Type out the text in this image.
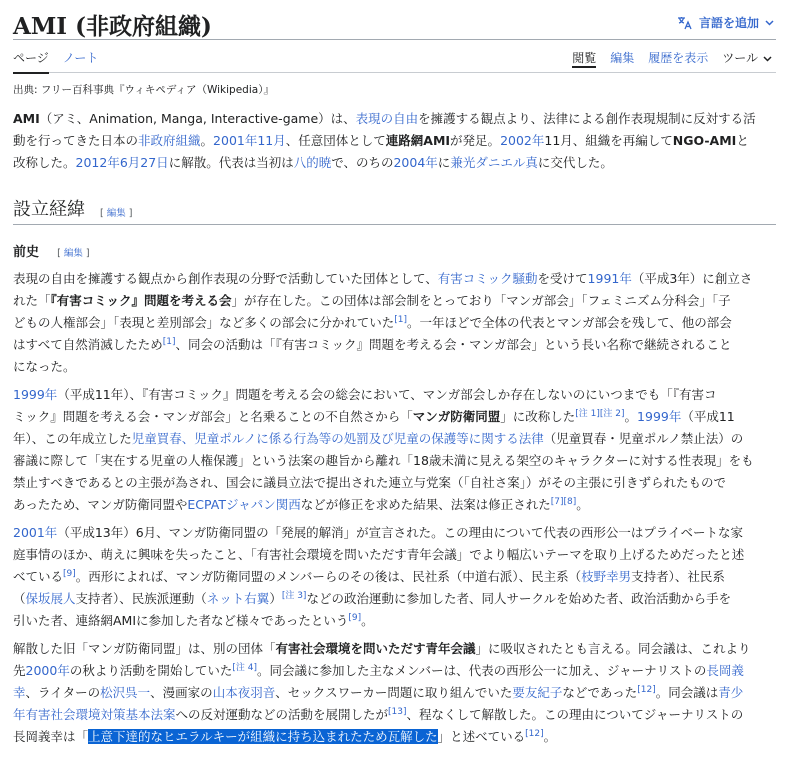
AMI (非政府組織)	言語を追加
ページ ノート	閲覧 編集 履歴を表示 ツール
出典: フリー百科事典『ウィキペディア（Wikipedia）』
AMI（アミ、Animation, Manga, Interactive-game）は、表現の自由を擁護する観点より、法律による創作表現規制に反対する活
動を行ってきた日本の非政府組織。2001年11月、任意団体として連路網AMIが発足。2002年11月、組織を再編してNGO-AMIと
改称した。2012年6月27日に解散。代表は当初は八的暁で、のちの2004年に兼光ダニエル真に交代した。
設立経緯 [ 編集 ]
前史 [ 編集 ]
表現の自由を擁護する観点から創作表現の分野で活動していた団体として、有害コミック騒動を受けて1991年（平成3年）に創立さ
れた「『有害コミック』問題を考える会」が存在した。この団体は部会制をとっており「マンガ部会」「フェミニズム分科会」「子
どもの人権部会」「表現と差別部会」など多くの部会に分かれていた[1]。一年ほどで全体の代表とマンガ部会を残して、他の部会
はすべて自然消滅したため[1]、同会の活動は「『有害コミック』問題を考える会・マンガ部会」という長い名称で継続されること
になった。
1999年（平成11年）、『有害コミック』問題を考える会の総会において、マンガ部会しか存在しないのにいつまでも「『有害コ
ミック』問題を考える会・マンガ部会」と名乗ることの不自然さから「マンガ防衛同盟」に改称した[注 1][注 2]。1999年（平成11
年）、この年成立した児童買春、児童ポルノに係る行為等の処罰及び児童の保護等に関する法律（児童買春・児童ポルノ禁止法）の
審議に際して「実在する児童の人権保護」という法案の趣旨から離れ「18歳未満に見える架空のキャラクターに対する性表現」をも
禁止すべきであるとの主張が為され、国会に議員立法で提出された連立与党案（「自社さ案」）がその主張に引きずられたもので
あったため、マンガ防衛同盟やECPATジャパン関西などが修正を求めた結果、法案は修正された[7][8]。
2001年（平成13年）6月、マンガ防衛同盟の「発展的解消」が宣言された。この理由について代表の西形公一はプライベートな家
庭事情のほか、萌えに興味を失ったこと、「有害社会環境を問いただす青年会議」でより幅広いテーマを取り上げるためだったと述
べている[9]。西形によれば、マンガ防衛同盟のメンバーらのその後は、民社系（中道右派）、民主系（枝野幸男支持者）、社民系
（保坂展人支持者）、民族派運動（ネット右翼）[注 3]などの政治運動に参加した者、同人サークルを始めた者、政治活動から手を
引いた者、連絡網AMIに参加した者など様々であったという[9]。
解散した旧「マンガ防衛同盟」は、別の団体「有害社会環境を問いただす青年会議」に吸収されたとも言える。同会議は、これより
先2000年の秋より活動を開始していた[注 4]。同会議に参加した主なメンバーは、代表の西形公一に加え、ジャーナリストの長岡義
幸、ライターの松沢呉一、漫画家の山本夜羽音、セックスワーカー問題に取り組んでいた要友紀子などであった[12]。同会議は青少
年有害社会環境対策基本法案への反対運動などの活動を展開したが[13]、程なくして解散した。この理由についてジャーナリストの
長岡義幸は「上意下達的なヒエラルキーが組織に持ち込まれたため瓦解した」と述べている[12]。
